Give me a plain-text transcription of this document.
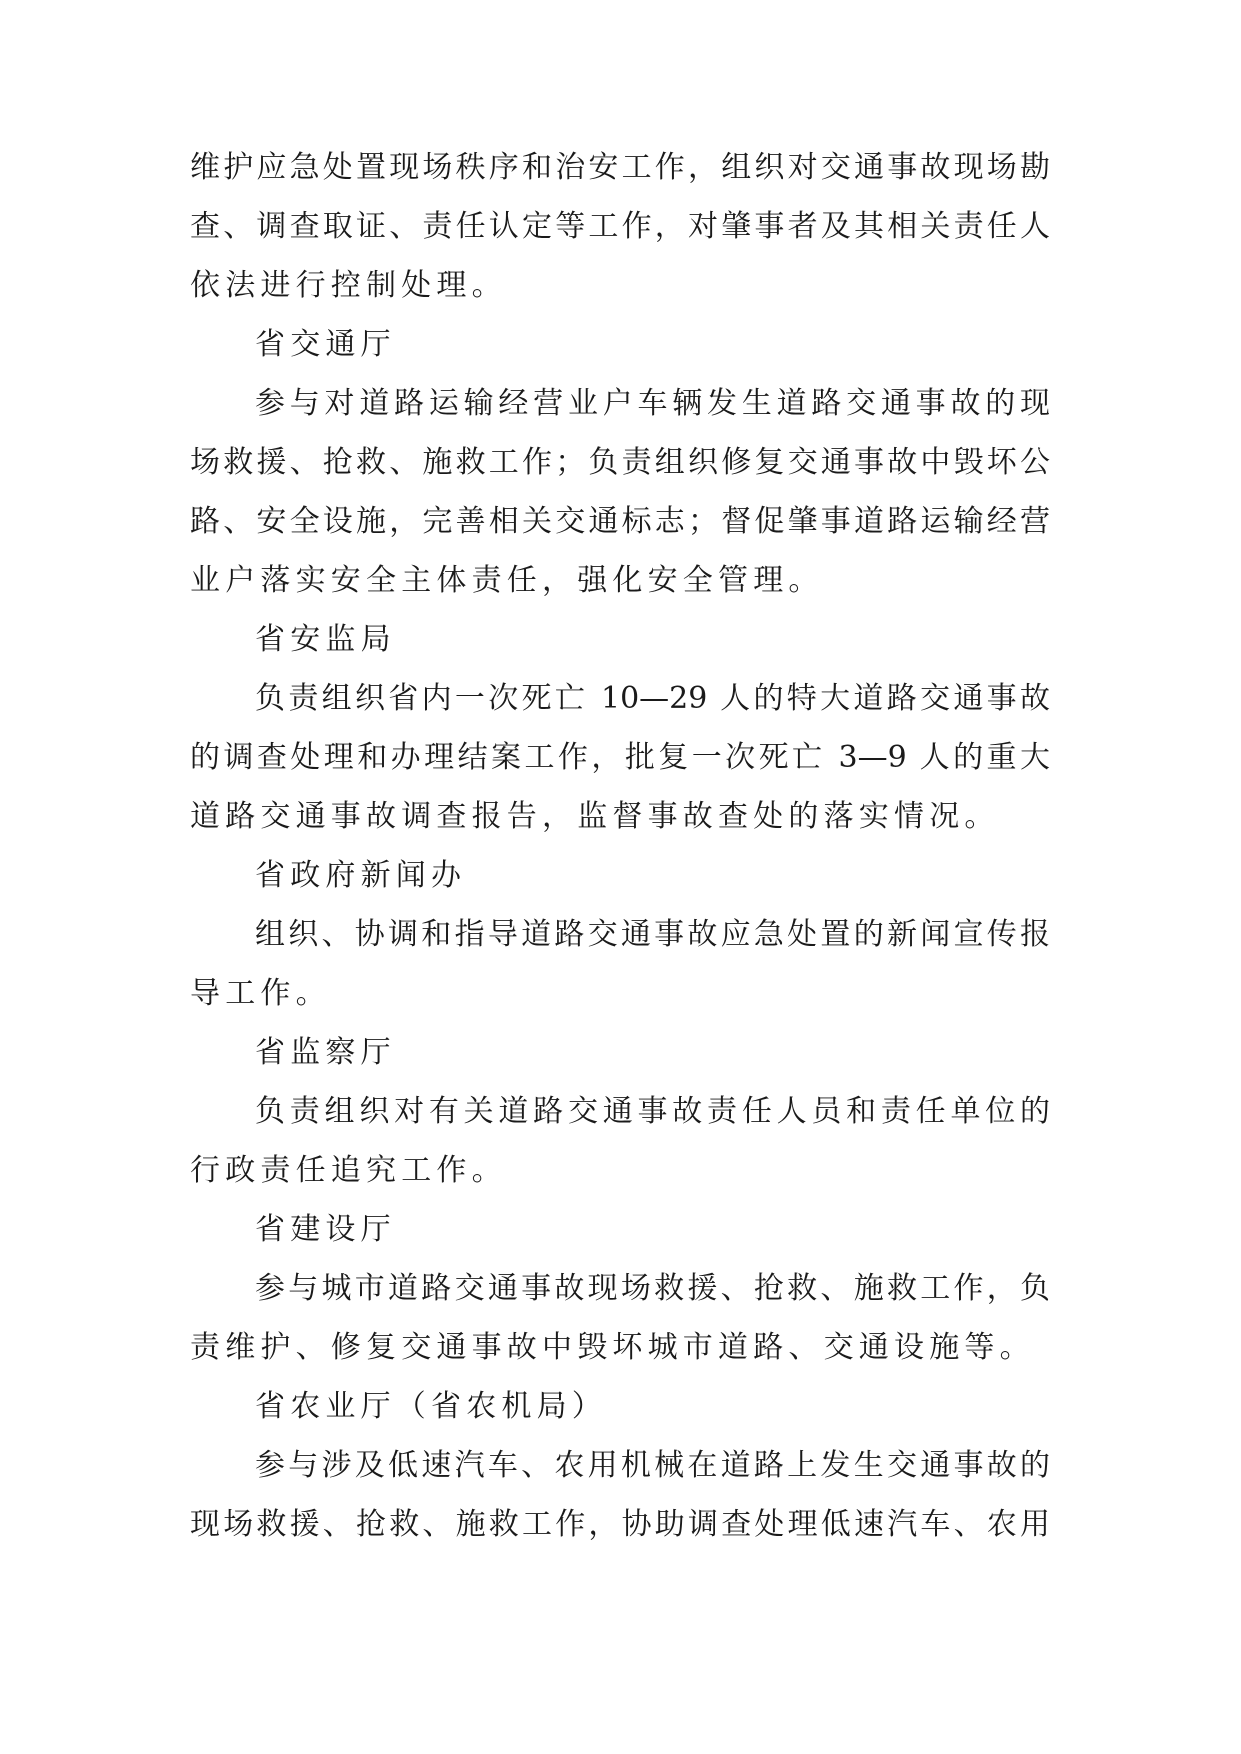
维护应急处置现场秩序和治安工作，组织对交通事故现场勘
查、调查取证、责任认定等工作，对肇事者及其相关责任人
依法进行控制处理。
省交通厅
参与对道路运输经营业户车辆发生道路交通事故的现
场救援、抢救、施救工作；负责组织修复交通事故中毁坏公
路、安全设施，完善相关交通标志；督促肇事道路运输经营
业户落实安全主体责任，强化安全管理。
省安监局
负责组织省内一次死亡 10—29 人的特大道路交通事故
的调查处理和办理结案工作，批复一次死亡 3—9 人的重大
道路交通事故调查报告，监督事故查处的落实情况。
省政府新闻办
组织、协调和指导道路交通事故应急处置的新闻宣传报
导工作。
省监察厅
负责组织对有关道路交通事故责任人员和责任单位的
行政责任追究工作。
省建设厅
参与城市道路交通事故现场救援、抢救、施救工作，负
责维护、修复交通事故中毁坏城市道路、交通设施等。
省农业厅（省农机局）
参与涉及低速汽车、农用机械在道路上发生交通事故的
现场救援、抢救、施救工作，协助调查处理低速汽车、农用
